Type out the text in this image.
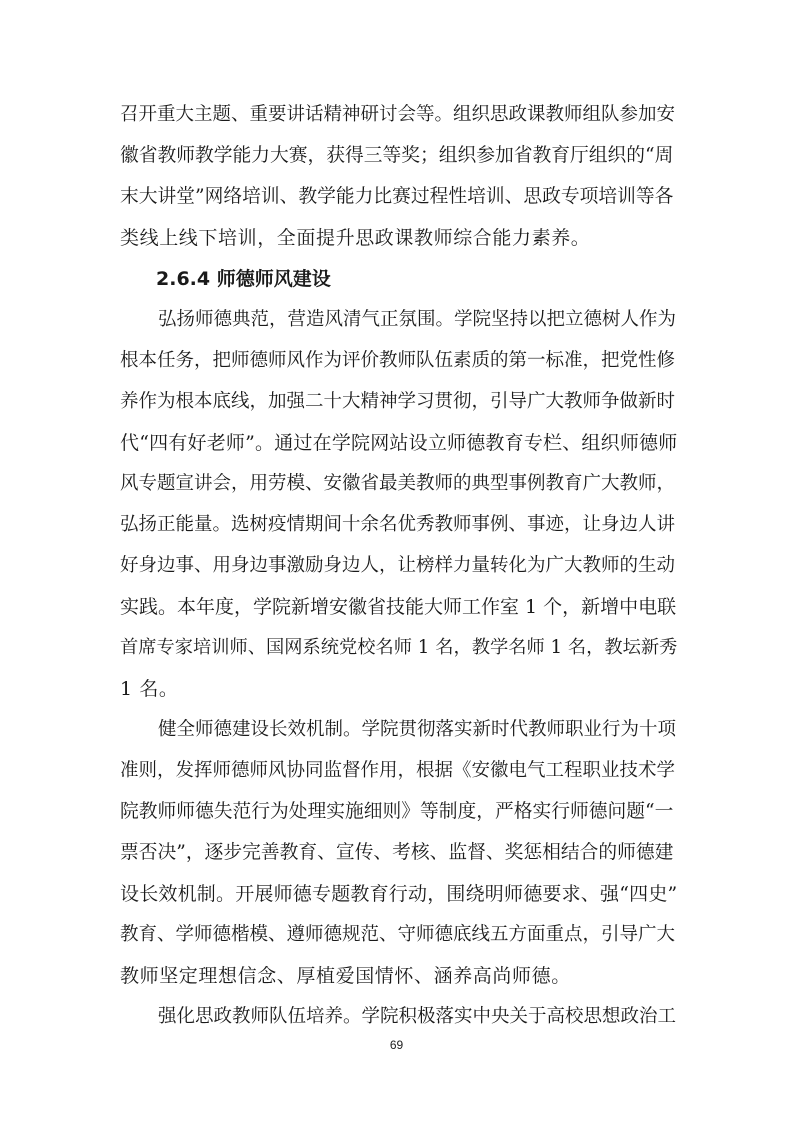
召开重大主题、重要讲话精神研讨会等。组织思政课教师组队参加安
徽省教师教学能力大赛，获得三等奖；组织参加省教育厅组织的“周
末大讲堂”网络培训、教学能力比赛过程性培训、思政专项培训等各
类线上线下培训，全面提升思政课教师综合能力素养。
2.6.4 师德师风建设
弘扬师德典范，营造风清气正氛围。学院坚持以把立德树人作为
根本任务，把师德师风作为评价教师队伍素质的第一标准，把党性修
养作为根本底线，加强二十大精神学习贯彻，引导广大教师争做新时
代“四有好老师”。通过在学院网站设立师德教育专栏、组织师德师
风专题宣讲会，用劳模、安徽省最美教师的典型事例教育广大教师，
弘扬正能量。选树疫情期间十余名优秀教师事例、事迹，让身边人讲
好身边事、用身边事激励身边人，让榜样力量转化为广大教师的生动
实践。本年度，学院新增安徽省技能大师工作室 1 个，新增中电联
首席专家培训师、国网系统党校名师 1 名，教学名师 1 名，教坛新秀
1 名。
健全师德建设长效机制。学院贯彻落实新时代教师职业行为十项
准则，发挥师德师风协同监督作用，根据《安徽电气工程职业技术学
院教师师德失范行为处理实施细则》等制度，严格实行师德问题“一
票否决”，逐步完善教育、宣传、考核、监督、奖惩相结合的师德建
设长效机制。开展师德专题教育行动，围绕明师德要求、强“四史”
教育、学师德楷模、遵师德规范、守师德底线五方面重点，引导广大
教师坚定理想信念、厚植爱国情怀、涵养高尚师德。
强化思政教师队伍培养。学院积极落实中央关于高校思想政治工
69
